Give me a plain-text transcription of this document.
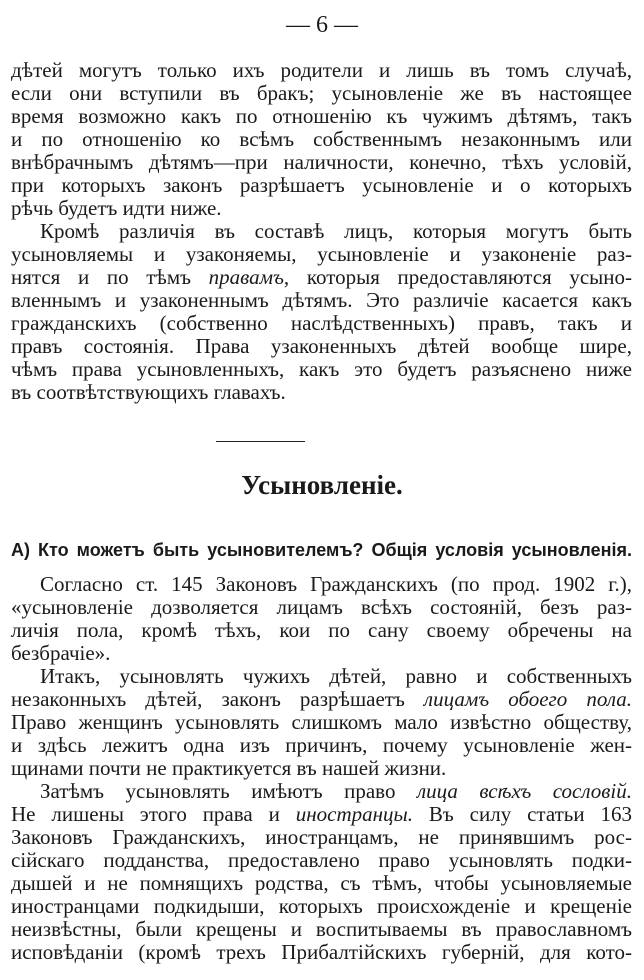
— 6 —
дѣтей могутъ только ихъ родители и лишь въ томъ случаѣ,
если они вступили въ бракъ; усыновленіе же въ настоящее
время возможно какъ по отношенію къ чужимъ дѣтямъ, такъ
и по отношенію ко всѣмъ собственнымъ незаконнымъ или
внѣбрачнымъ дѣтямъ—при наличности, конечно, тѣхъ условій,
при которыхъ законъ разрѣшаетъ усыновленіе и о которыхъ
рѣчь будетъ идти ниже.
Кромѣ различія въ составѣ лицъ, которыя могутъ быть
усыновляемы и узаконяемы, усыновленіе и узаконеніе раз-
нятся и по тѣмъ правамъ, которыя предоставляются усыно-
вленнымъ и узаконеннымъ дѣтямъ. Это различіе касается какъ
гражданскихъ (собственно наслѣдственныхъ) правъ, такъ и
правъ состоянія. Права узаконенныхъ дѣтей вообще шире,
чѣмъ права усыновленныхъ, какъ это будетъ разъяснено ниже
въ соотвѣтствующихъ главахъ.
Усыновленіе.
А) Кто можетъ быть усыновителемъ? Общія условія усыновленія.
Согласно ст. 145 Законовъ Гражданскихъ (по прод. 1902 г.),
«усыновленіе дозволяется лицамъ всѣхъ состояній, безъ раз-
личія пола, кромѣ тѣхъ, кои по сану своему обречены на
безбрачіе».
Итакъ, усыновлять чужихъ дѣтей, равно и собственныхъ
незаконныхъ дѣтей, законъ разрѣшаетъ лицамъ обоего пола.
Право женщинъ усыновлять слишкомъ мало извѣстно обществу,
и здѣсь лежитъ одна изъ причинъ, почему усыновленіе жен-
щинами почти не практикуется въ нашей жизни.
Затѣмъ усыновлять имѣютъ право лица всѣхъ сословій.
Не лишены этого права и иностранцы. Въ силу статьи 163
Законовъ Гражданскихъ, иностранцамъ, не принявшимъ рос-
сійскаго подданства, предоставлено право усыновлять подки-
дышей и не помнящихъ родства, съ тѣмъ, чтобы усыновляемые
иностранцами подкидыши, которыхъ происхожденіе и крещеніе
неизвѣстны, были крещены и воспитываемы въ православномъ
исповѣданіи (кромѣ трехъ Прибалтійскихъ губерній, для кото-
